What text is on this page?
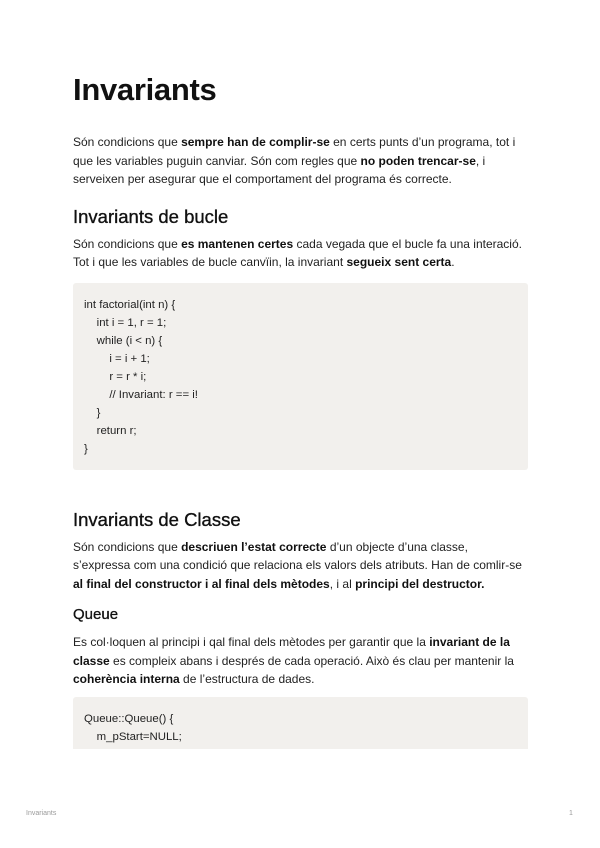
Invariants

Són condicions que sempre han de complir-se en certs punts d’un programa, tot i que les variables puguin canviar. Són com regles que no poden trencar-se, i serveixen per asegurar que el comportament del programa és correcte.

Invariants de bucle

Són condicions que es mantenen certes cada vegada que el bucle fa una interació. Tot i que les variables de bucle canvïin, la invariant segueix sent certa.

int factorial(int n) {
int i = 1, r = 1;
while (i < n) {
i = i + 1;
r = r * i;
// Invariant: r == i!
}
return r;
}
Invariants de Classe

Són condicions que descriuen l’estat correcte d’un objecte d’una classe, s’expressa com una condició que relaciona els valors dels atributs. Han de comlir-se al final del constructor i al final dels mètodes, i al principi del destructor.

Queue

Es col·loquen al principi i qal final dels mètodes per garantir que la invariant de la classe es compleix abans i després de cada operació. Això és clau per mantenir la coherència interna de l’estructura de dades.

Queue::Queue() {
m_pStart=NULL;
Invariants	1
